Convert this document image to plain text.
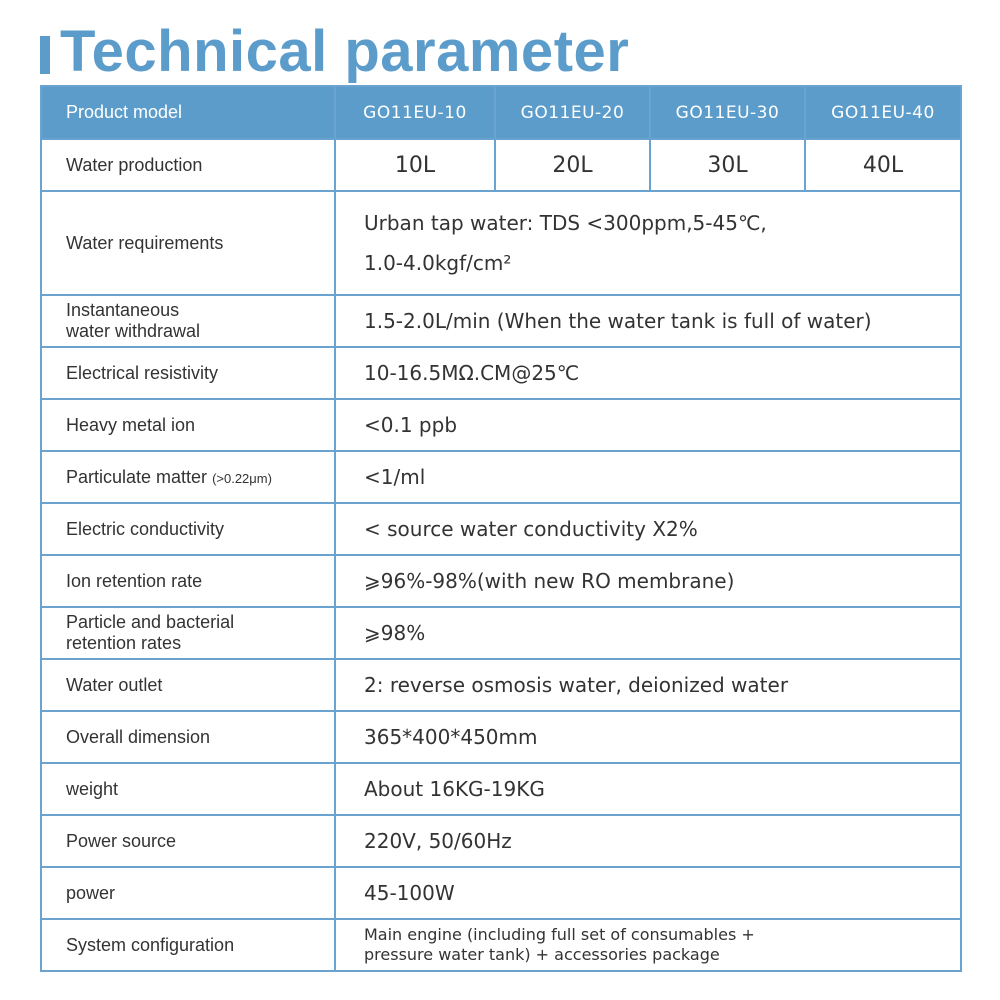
Technical parameter
Product model	GO11EU-10	GO11EU-20	GO11EU-30	GO11EU-40
Water production	10L	20L	30L	40L
Water requirements	Urban tap water: TDS <300ppm,5-45℃,
1.0-4.0kgf/cm²			

Instantaneous
water withdrawal	1.5-2.0L/min (When the water tank is full of water)			
Electrical resistivity	10-16.5MΩ.CM@25℃			
Heavy metal ion	<0.1 ppb			
Particulate matter (>0.22μm)	<1/ml			
Electric conductivity	< source water conductivity X2%			
Ion retention rate	⩾96%-98%(with new RO membrane)			

Particle and bacterial
retention rates	⩾98%			
Water outlet	2: reverse osmosis water, deionized water			
Overall dimension	365*400*450mm			
weight	About 16KG-19KG			
Power source	220V, 50/60Hz			
power	45-100W			
System configuration	Main engine (including full set of consumables +
pressure water tank) + accessories package			
